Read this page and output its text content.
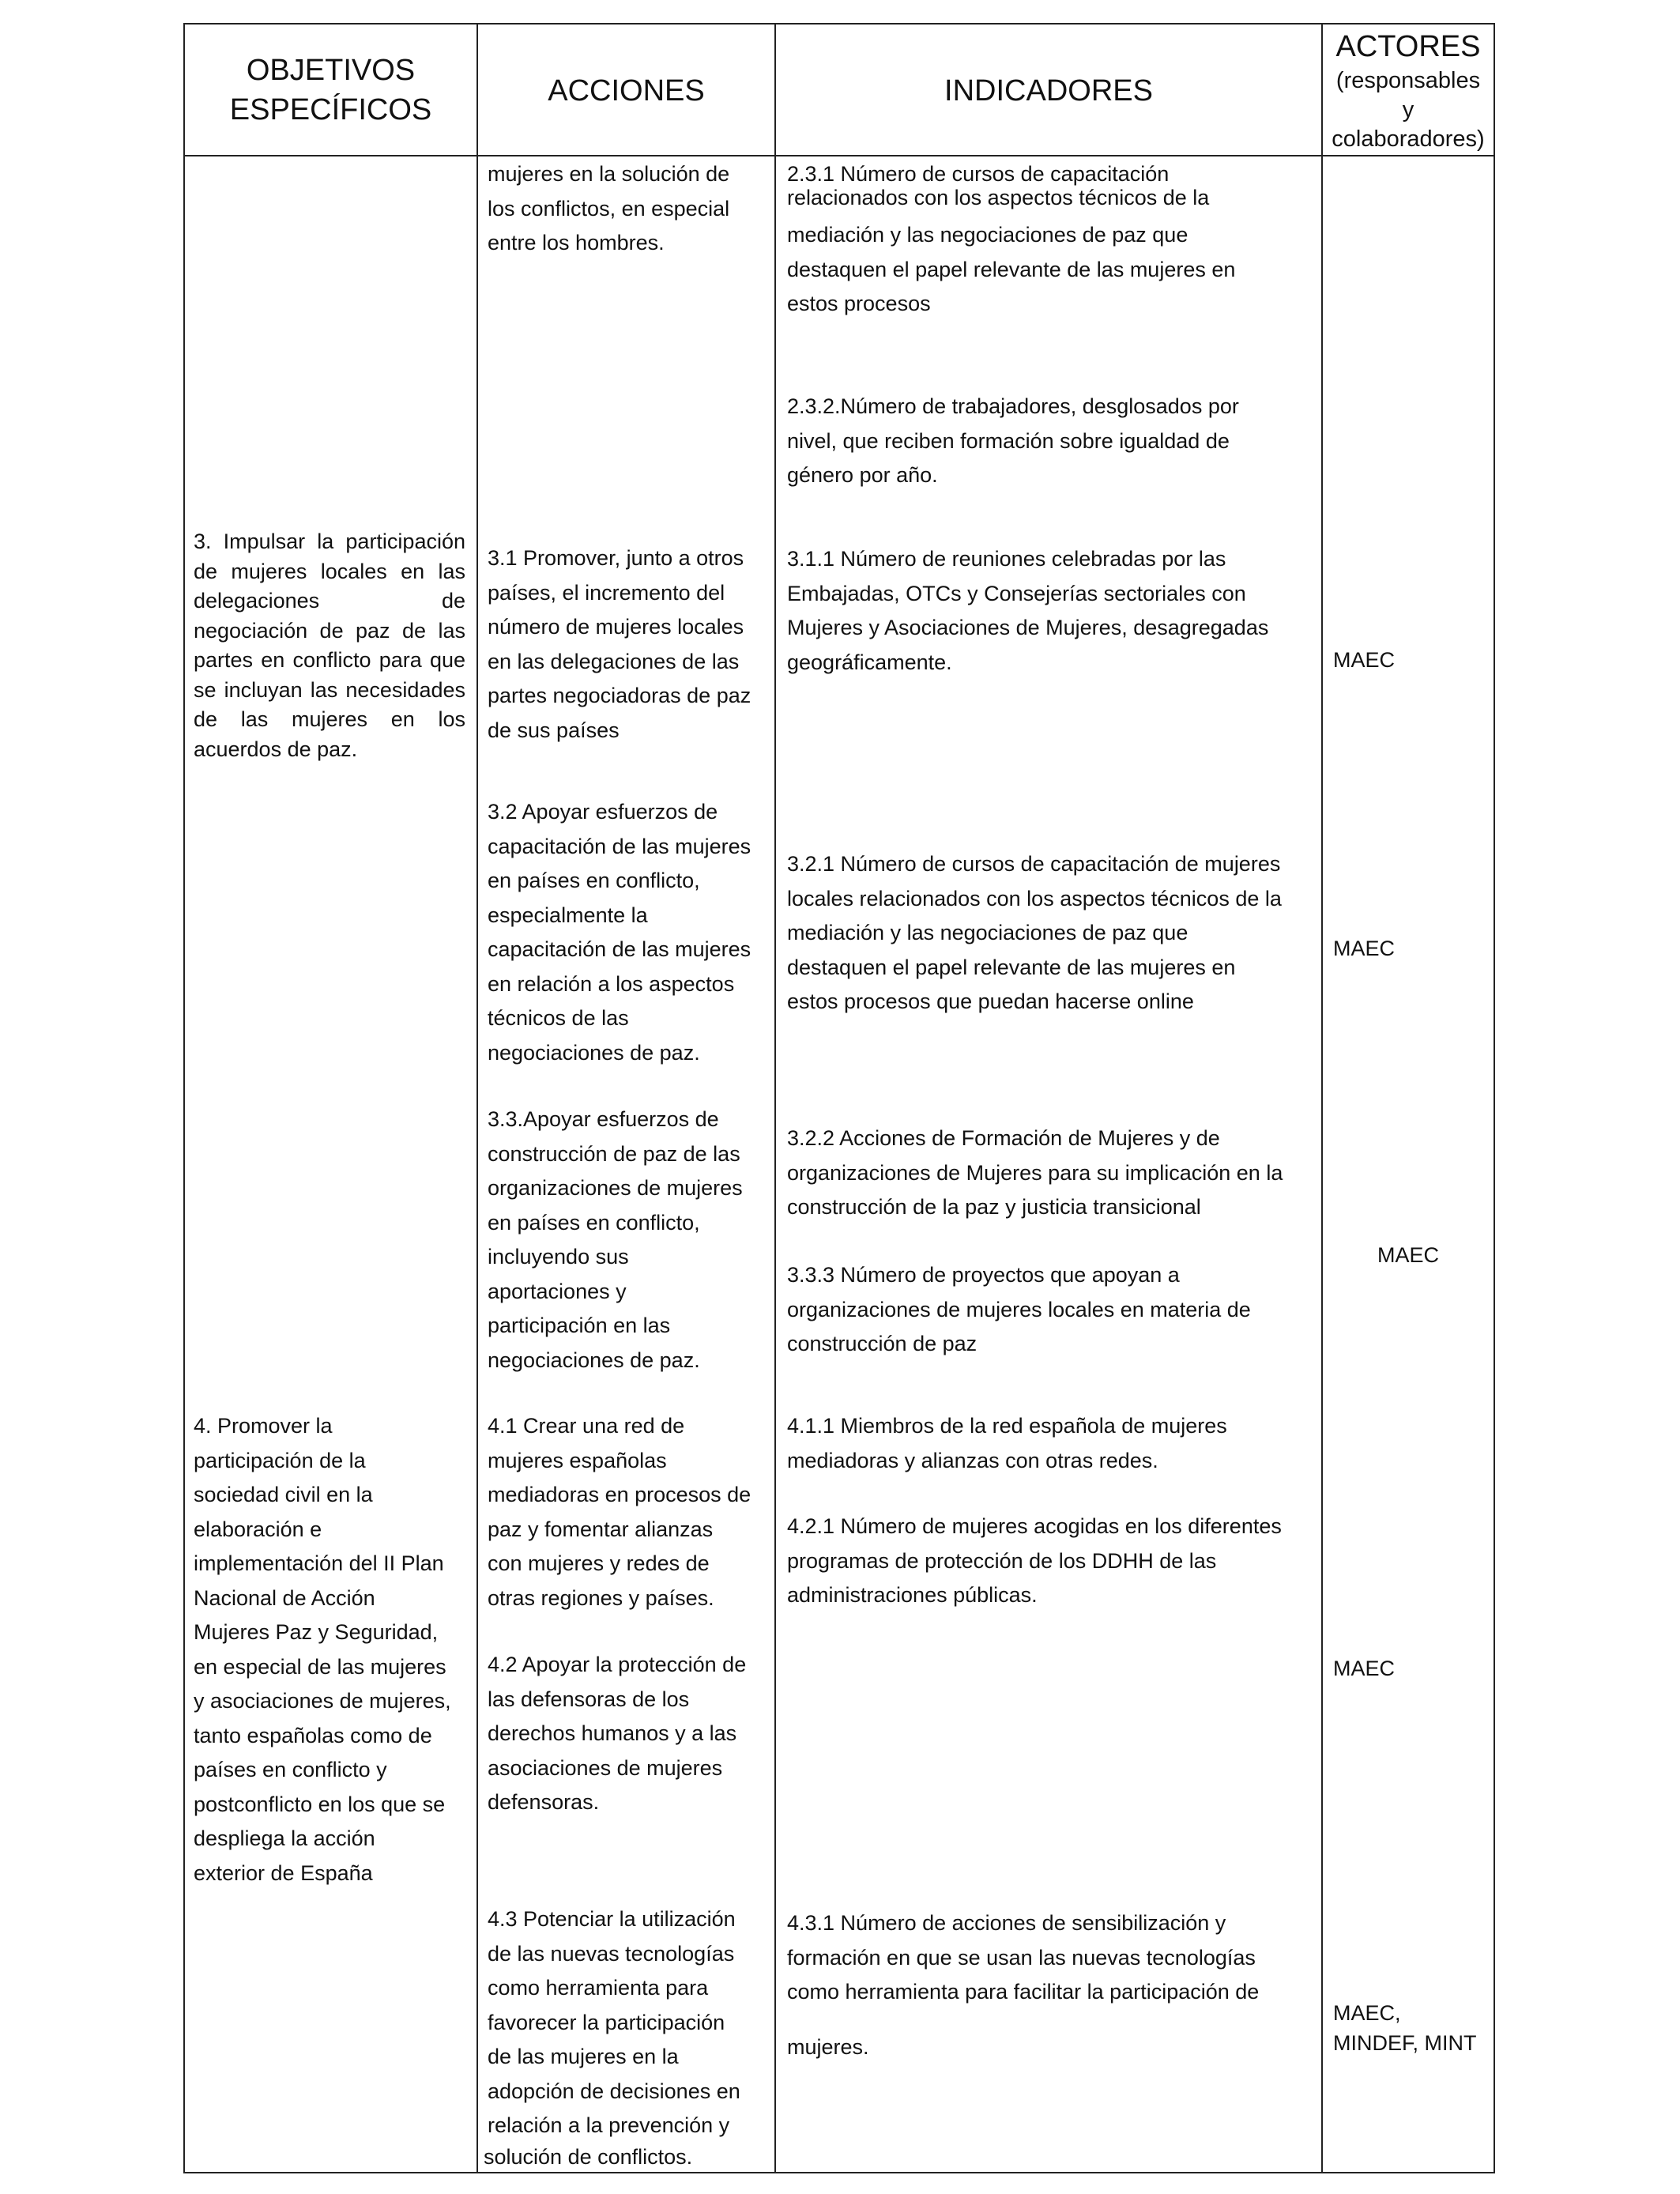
OBJETIVOS
ESPECÍFICOS
ACCIONES	INDICADORES
ACTORES
(responsables
y
colaboradores)
3. Impulsar la participación de mujeres locales en las delegaciones de negociación de paz de las partes en conflicto para que se incluyan las necesidades de las mujeres en los acuerdos de paz.
4. Promover la
participación de la
sociedad civil en la
elaboración e
implementación del II Plan
Nacional de Acción
Mujeres Paz y Seguridad,
en especial de las mujeres
y asociaciones de mujeres,
tanto españolas como de
países en conflicto y
postconflicto en los que se
despliega la acción
exterior de España
mujeres en la solución de
los conflictos, en especial
entre los hombres.
3.1 Promover, junto a otros
países, el incremento del
número de mujeres locales
en las delegaciones de las
partes negociadoras de paz
de sus países
3.2 Apoyar esfuerzos de
capacitación de las mujeres
en países en conflicto,
especialmente la
capacitación de las mujeres
en relación a los aspectos
técnicos de las
negociaciones de paz.
3.3.Apoyar esfuerzos de
construcción de paz de las
organizaciones de mujeres
en países en conflicto,
incluyendo sus
aportaciones y
participación en las
negociaciones de paz.
4.1 Crear una red de
mujeres españolas
mediadoras en procesos de
paz y fomentar alianzas
con mujeres y redes de
otras regiones y países.
4.2 Apoyar la protección de
las defensoras de los
derechos humanos y a las
asociaciones de mujeres
defensoras.
4.3 Potenciar la utilización
de las nuevas tecnologías
como herramienta para
favorecer la participación
de las mujeres en la
adopción de decisiones en
relación a la prevención y
solución de conflictos.
2.3.1 Número de cursos de capacitación
relacionados con los aspectos técnicos de la
mediación y las negociaciones de paz que
destaquen el papel relevante de las mujeres en
estos procesos
2.3.2.Número de trabajadores, desglosados por
nivel, que reciben formación sobre igualdad de
género por año.
3.1.1 Número de reuniones celebradas por las
Embajadas, OTCs y Consejerías sectoriales con
Mujeres y Asociaciones de Mujeres, desagregadas
geográficamente.
3.2.1 Número de cursos de capacitación de mujeres
locales relacionados con los aspectos técnicos de la
mediación y las negociaciones de paz que
destaquen el papel relevante de las mujeres en
estos procesos que puedan hacerse online
3.2.2 Acciones de Formación de Mujeres y de
organizaciones de Mujeres para su implicación en la
construcción de la paz y justicia transicional
3.3.3 Número de proyectos que apoyan a
organizaciones de mujeres locales en materia de
construcción de paz
4.1.1 Miembros de la red española de mujeres
mediadoras y alianzas con otras redes.
4.2.1 Número de mujeres acogidas en los diferentes
programas de protección de los DDHH de las
administraciones públicas.
4.3.1 Número de acciones de sensibilización y
formación en que se usan las nuevas tecnologías
como herramienta para facilitar la participación de
mujeres.
MAEC
MAEC
MAEC
MAEC
MAEC,
MINDEF, MINT
